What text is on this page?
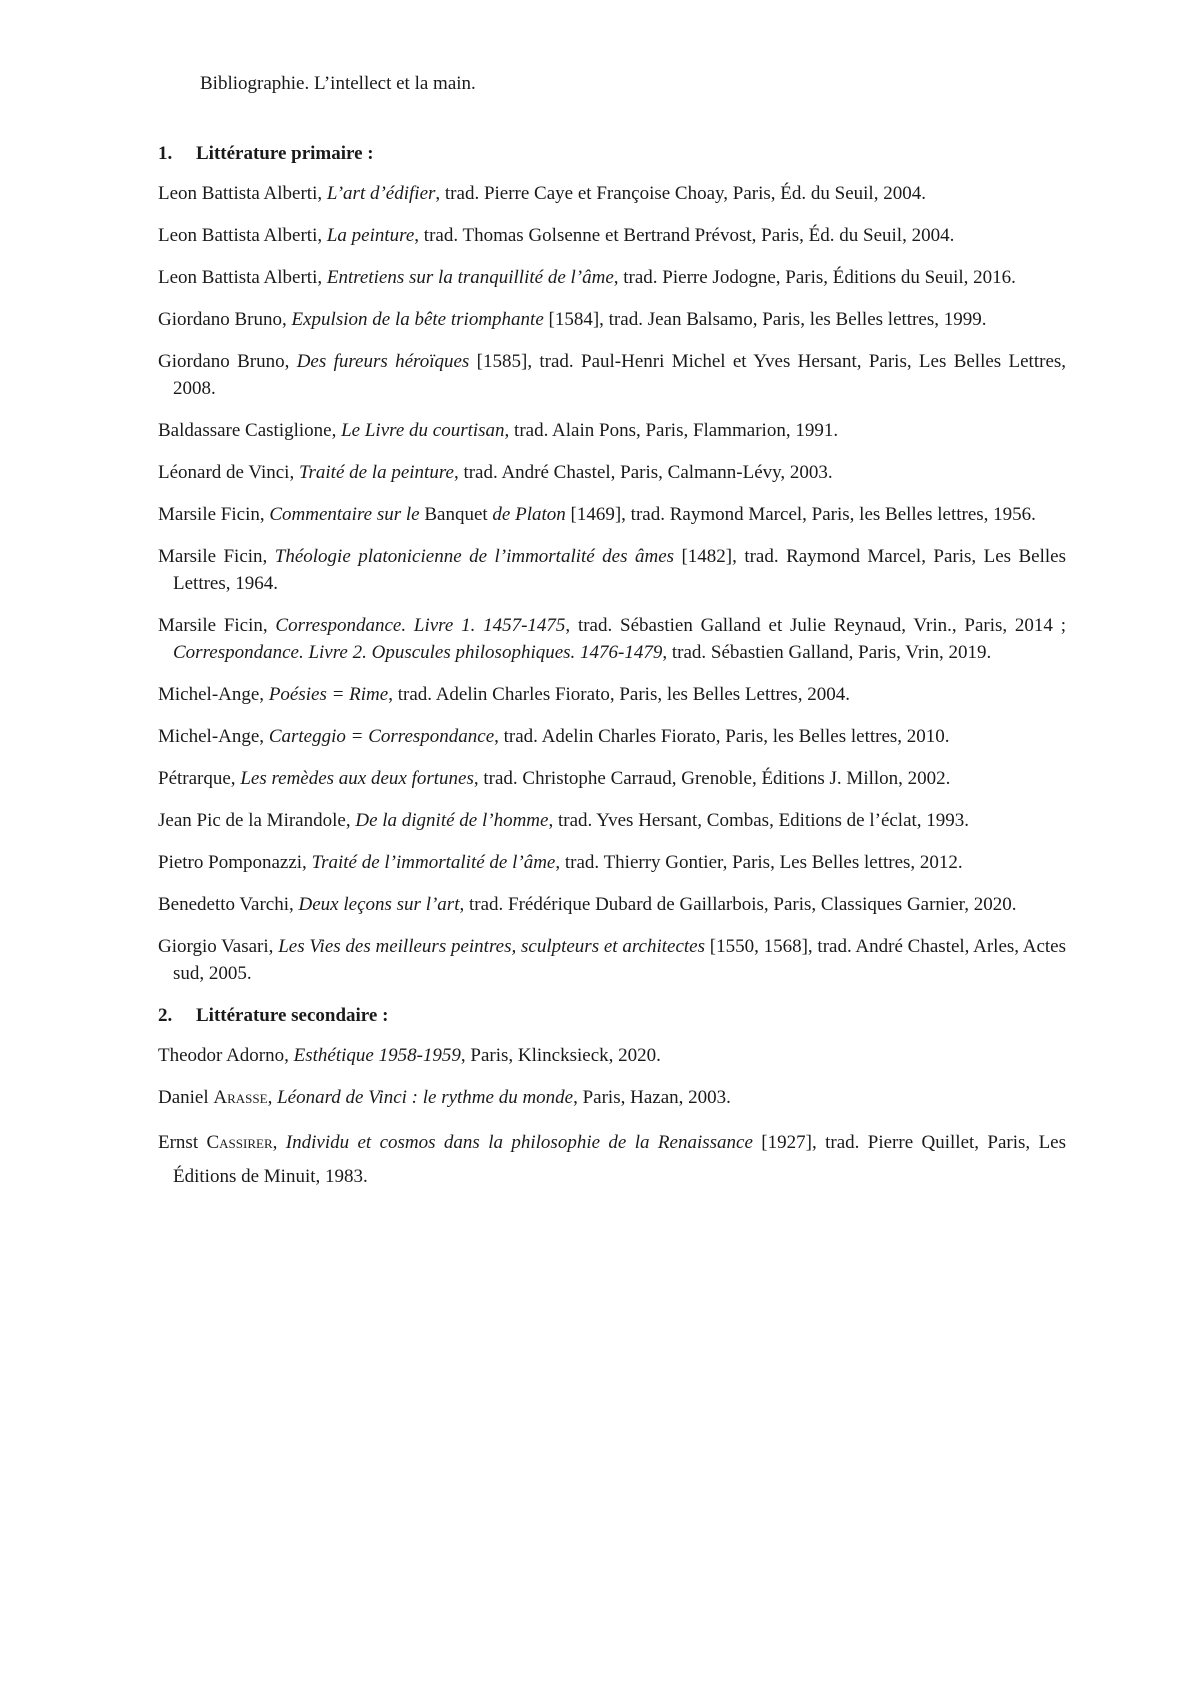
Bibliographie. L’intellect et la main.

1.	Littérature primaire :

Leon Battista Alberti, L’art d’édifier, trad. Pierre Caye et Françoise Choay, Paris, Éd. du Seuil, 2004.

Leon Battista Alberti, La peinture, trad. Thomas Golsenne et Bertrand Prévost, Paris, Éd. du Seuil, 2004.

Leon Battista Alberti, Entretiens sur la tranquillité de l’âme, trad. Pierre Jodogne, Paris, Éditions du Seuil, 2016.

Giordano Bruno, Expulsion de la bête triomphante [1584], trad. Jean Balsamo, Paris, les Belles lettres, 1999.

Giordano Bruno, Des fureurs héroïques [1585], trad. Paul-Henri Michel et Yves Hersant, Paris, Les Belles Lettres, 2008.

Baldassare Castiglione, Le Livre du courtisan, trad. Alain Pons, Paris, Flammarion, 1991.

Léonard de Vinci, Traité de la peinture, trad. André Chastel, Paris, Calmann-Lévy, 2003.

Marsile Ficin, Commentaire sur le Banquet de Platon [1469], trad. Raymond Marcel, Paris, les Belles lettres, 1956.

Marsile Ficin, Théologie platonicienne de l’immortalité des âmes [1482], trad. Raymond Marcel, Paris, Les Belles Lettres, 1964.

Marsile Ficin, Correspondance. Livre 1. 1457-1475, trad. Sébastien Galland et Julie Reynaud, Vrin., Paris, 2014 ; Correspondance. Livre 2. Opuscules philosophiques. 1476-1479, trad. Sébastien Galland, Paris, Vrin, 2019.

Michel-Ange, Poésies = Rime, trad. Adelin Charles Fiorato, Paris, les Belles Lettres, 2004.

Michel-Ange, Carteggio = Correspondance, trad. Adelin Charles Fiorato, Paris, les Belles lettres, 2010.

Pétrarque, Les remèdes aux deux fortunes, trad. Christophe Carraud, Grenoble, Éditions J. Millon, 2002.

Jean Pic de la Mirandole, De la dignité de l’homme, trad. Yves Hersant, Combas, Editions de l’éclat, 1993.

Pietro Pomponazzi, Traité de l’immortalité de l’âme, trad. Thierry Gontier, Paris, Les Belles lettres, 2012.

Benedetto Varchi, Deux leçons sur l’art, trad. Frédérique Dubard de Gaillarbois, Paris, Classiques Garnier, 2020.

Giorgio Vasari, Les Vies des meilleurs peintres, sculpteurs et architectes [1550, 1568], trad. André Chastel, Arles, Actes sud, 2005.

2.	Littérature secondaire :

Theodor Adorno, Esthétique 1958-1959, Paris, Klincksieck, 2020.

Daniel Arasse, Léonard de Vinci : le rythme du monde, Paris, Hazan, 2003.

Ernst Cassirer, Individu et cosmos dans la philosophie de la Renaissance [1927], trad. Pierre Quillet, Paris, Les Éditions de Minuit, 1983.
